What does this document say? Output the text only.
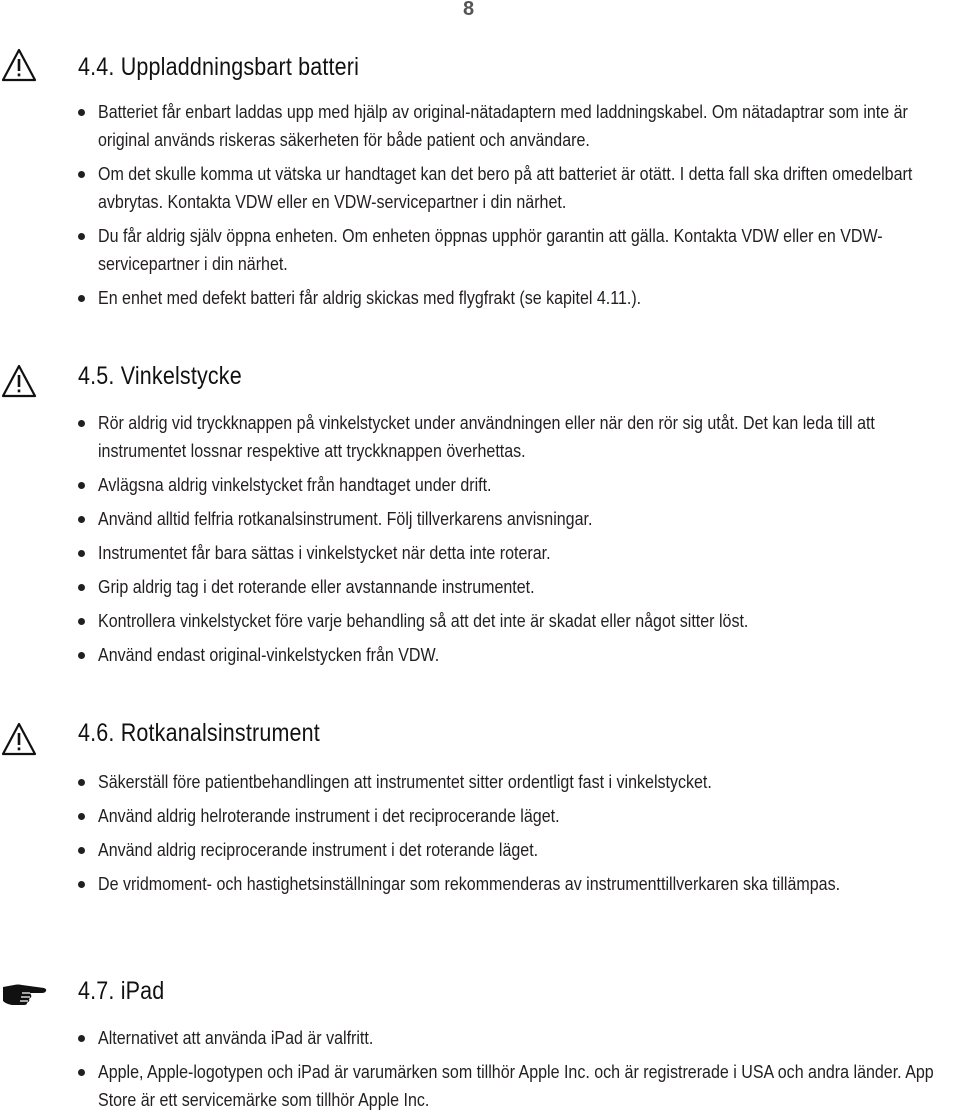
8
4.4. Uppladdningsbart batteri
Batteriet får enbart laddas upp med hjälp av original-nätadaptern med laddningskabel. Om nätadaptrar som inte är original används riskeras säkerheten för både patient och användare.
Om det skulle komma ut vätska ur handtaget kan det bero på att batteriet är otätt. I detta fall ska driften omedelbart avbrytas. Kontakta VDW eller en VDW-servicepartner i din närhet.
Du får aldrig själv öppna enheten. Om enheten öppnas upphör garantin att gälla. Kontakta VDW eller en VDW-servicepartner i din närhet.
En enhet med defekt batteri får aldrig skickas med flygfrakt (se kapitel 4.11.).
4.5. Vinkelstycke
Rör aldrig vid tryckknappen på vinkelstycket under användningen eller när den rör sig utåt. Det kan leda till att instrumentet lossnar respektive att tryckknappen överhettas.
Avlägsna aldrig vinkelstycket från handtaget under drift.
Använd alltid felfria rotkanalsinstrument. Följ tillverkarens anvisningar.
Instrumentet får bara sättas i vinkelstycket när detta inte roterar.
Grip aldrig tag i det roterande eller avstannande instrumentet.
Kontrollera vinkelstycket före varje behandling så att det inte är skadat eller något sitter löst.
Använd endast original-vinkelstycken från VDW.
4.6. Rotkanalsinstrument
Säkerställ före patientbehandlingen att instrumentet sitter ordentligt fast i vinkelstycket.
Använd aldrig helroterande instrument i det reciprocerande läget.
Använd aldrig reciprocerande instrument i det roterande läget.
De vridmoment- och hastighetsinställningar som rekommenderas av instrumenttillverkaren ska tillämpas.
4.7. iPad
Alternativet att använda iPad är valfritt.
Apple, Apple-logotypen och iPad är varumärken som tillhör Apple Inc. och är registrerade i USA och andra länder. App Store är ett servicemärke som tillhör Apple Inc.
